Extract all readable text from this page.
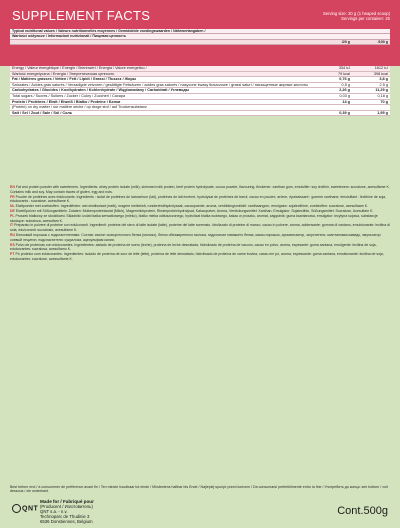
SUPPLEMENT FACTS	Serving size: 20 g (1 heaped scoop)
Servings per container: 25
Typical nutritional values / Valeurs nutritionnelles moyennes / Gemiddelde voedingswaarden / Nährwertangaben /
Wartości odżywcze / Informazioni nutrizionali / Пищевая ценность
/20 g	/100 g
Energy / Valeur énergétique / Energie / Brennwert / Energia / Valore energetico /	334 kJ	1612 kJ
Wartość energetyczna / Energia / Энергетическая ценность	79 kcal	398 kcal
Fat / Matières grasses / Vetten / Fett / Lipidi / Grassi / Tłuszcz / Жиры	0,76 g	3,8 g
Saturates / Acides gras saturés / Verzadigde vetzuren / gesättigte Fettsäuren / acides gras saturés / nasycone kwasy tłuszczowe / grassi saturi / насыщенные жирные кислоты	0,5 g	2,5 g
Carbohydrates / Glucides / Koolhydraten / Kohlenhydrate / Węglowodany / Carboidrati / Углеводы	2,26 g	11,29 g
Total sugars / Sucres / Suikers / Zucker / Cukry / Zuccheri / Сахара	0,03 g	0,18 g
Protein / Protéines / Eiwit / Eiweiß / Białko / Proteine / Белки	14 g	70 g
(Protein) on dry matter / sur matière sèche / op droge stof / auf Trockensubstanz
Salt / Sel / Zout / Sale / Sól / Соль	0,39 g	1,95 g

EN Fat and protein powder with sweeteners. Ingredients: whey protein isolate (milk), skimmed milk protein, beef protein hydrolysate, cocoa powder, flavouring, thickener: xanthan gum, emulsifier: soy lecithin, sweeteners: sucralose, acesulfame K. Contains milk and soy. May contain traces of gluten, egg and nuts.

FR Poudre de protéines avec édulcorants. Ingrédients : isolat de protéines de lactosérum (lait), protéines de lait écrémé, hydrolysat de protéines de bœuf, cacao en poudre, arôme, épaississant : gomme xanthane, émulsifiant : lécithine de soja, édulcorants : sucralose, acésulfame K.

NL Eiwitpoeder met zoetstoffen. Ingrediënten: wei-eiwitisolaat (melk), magere melkeiwit, rundereiwithydrolysaat, cacaopoeder, aroma, verdikkingsmiddel: xanthaangom, emulgator: sojalecithine, zoetstoffen: sucralose, acesulfaam K.

DE Eiweißpulver mit Süßungsmitteln. Zutaten: Molkenproteinisolat (Milch), Magermilchprotein, Rinderproteinhydrolysat, Kakaopulver, Aroma, Verdickungsmittel: Xanthan, Emulgator: Sojalecithin, Süßungsmittel: Sucralose, Acesulfam K.

PL Proszek białkowy ze słodzikami. Składniki: izolat białka serwatkowego (mleko), białko mleka odtłuszczonego, hydrolizat białka wołowego, kakao w proszku, aromat, zagęstnik: guma ksantanowa, emulgator: lecytyna sojowa, substancje słodzące: sukraloza, acesulfam K.

IT Preparato in polvere di proteine con edulcoranti. Ingredienti: proteine del siero di latte isolate (latte), proteine del latte scremato, idrolizzato di proteine di manzo, cacao in polvere, aroma, addensante: gomma di xantano, emulsionante: lecitina di soia, edulcoranti: sucralosio, acesulfame K.

RU Белковый порошок с подсластителями. Состав: изолят сывороточного белка (молоко), белок обезжиренного молока, гидролизат говяжьего белка, какао-порошок, ароматизатор, загуститель: ксантановая камедь, эмульгатор: соевый лецитин, подсластители: сукралоза, ацесульфам калия.

ES Polvo de proteínas con edulcorantes. Ingredientes: aislado de proteína de suero (leche), proteína de leche desnatada, hidrolizado de proteína de vacuno, cacao en polvo, aroma, espesante: goma xantana, emulgente: lecitina de soja, edulcorantes: sucralosa, acesulfamo K.

PT Pó proteico com edulcorantes. Ingredientes: isolado de proteína de soro de leite (leite), proteína de leite desnatado, hidrolisado de proteína de carne bovina, cacau em pó, aroma, espessante: goma xantana, emulsionante: lecitina de soja, edulcorantes: sucralose, acessulfame K.

Best before end / à consommer de préférence avant fin / Ten minste houdbaar tot einde / Mindestens haltbar bis Ende / Najlepiej spożyć przed końcem / Da consumarsi preferibilmente entro la fine / Употребить до конца: see bottom / voir dessous / zie onderkant.
QNT
Made for / Fabriqué pour
(Producent / Изготовитель)
QNT s.a. - n.v.
Technoparc de Thudinie 3
6536 Donstiennes, Belgium
Cont.500g
